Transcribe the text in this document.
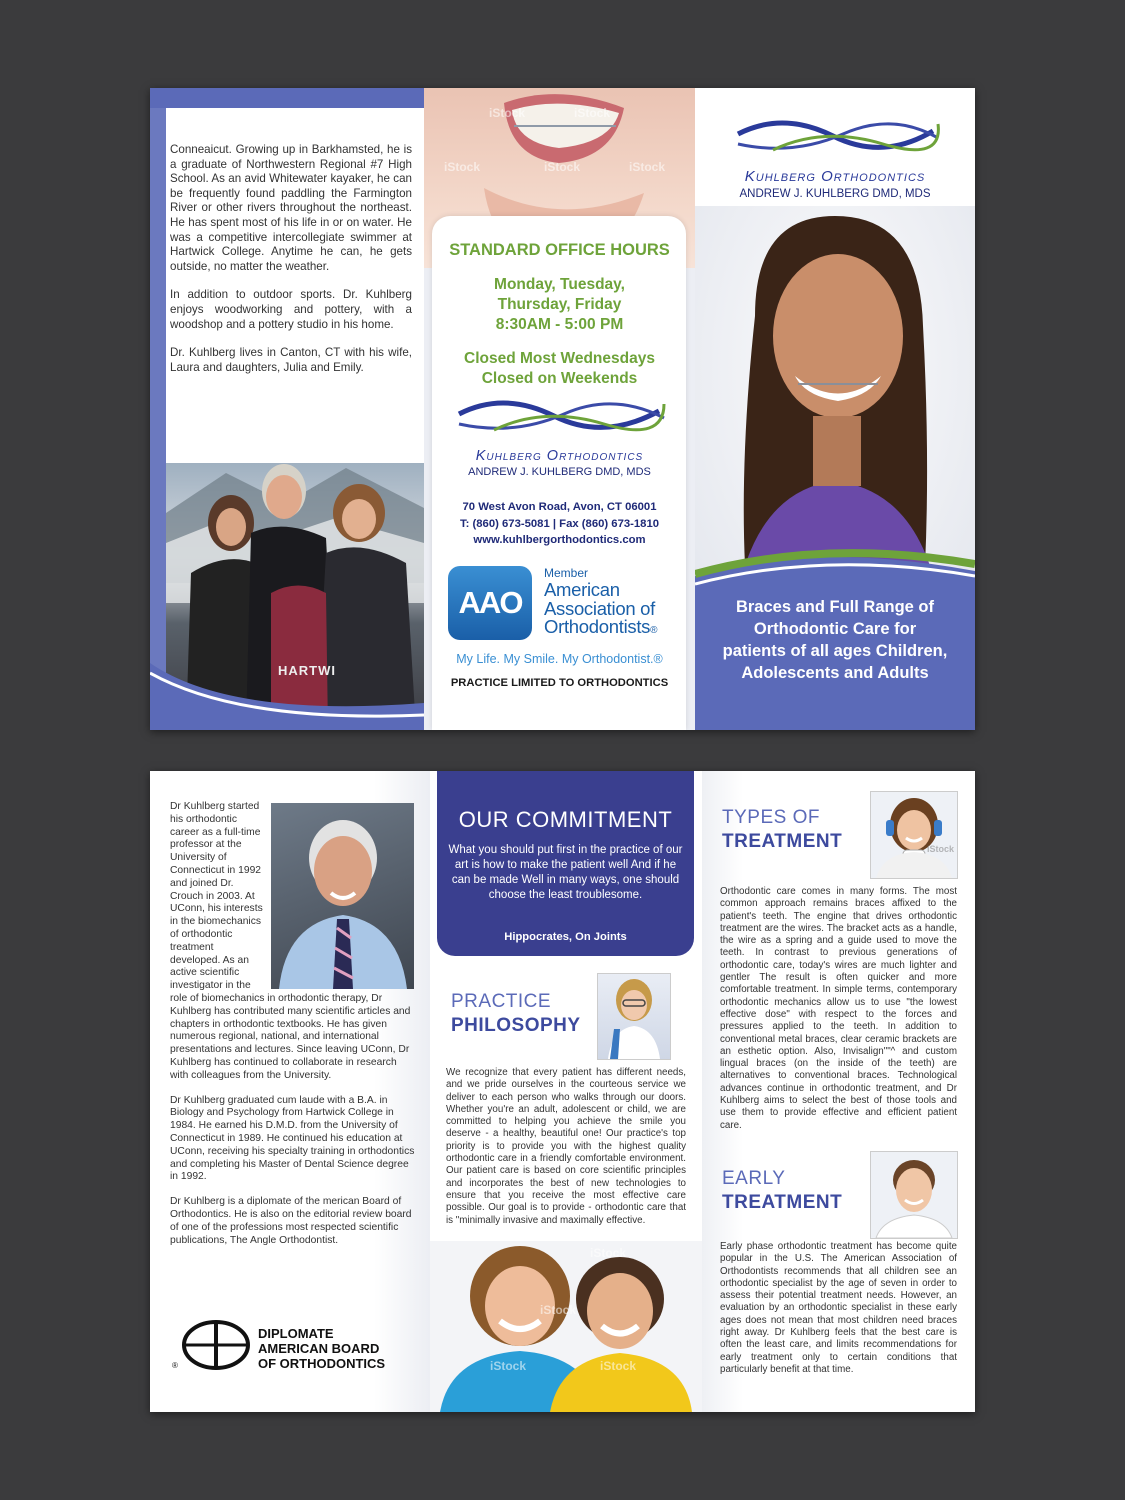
Conneaicut. Growing up in Barkhamsted, he is a graduate of Northwestern Regional #7 High School. As an avid Whitewater kayaker, he can be frequently found paddling the Farmington River or other rivers throughout the northeast. He has spent most of his life in or on water. He was a competitive intercollegiate swimmer at Hartwick College. Anytime he can, he gets outside, no matter the weather.

In addition to outdoor sports. Dr. Kuhlberg enjoys woodworking and pottery, with a woodshop and a pottery studio in his home.

Dr. Kuhlberg lives in Canton, CT with his wife, Laura and daughters, Julia and Emily.

HARTWI
iStock	iStock
iStock
iStock	iStock
STANDARD OFFICE HOURS
Monday, Tuesday,
Thursday, Friday
8:30AM - 5:00 PM
Closed Most Wednesdays
Closed on Weekends
Kuhlberg Orthodontics
ANDREW J. KUHLBERG DMD, MDS
70 West Avon Road, Avon, CT 06001
T: (860) 673-5081 | Fax (860) 673-1810
www.kuhlbergorthodontics.com
AAO
Member
American
Association of
Orthodontists®
My Life. My Smile. My Orthodontist.®
PRACTICE LIMITED TO ORTHODONTICS
Kuhlberg Orthodontics
ANDREW J. KUHLBERG DMD, MDS
Braces and Full Range of
Orthodontic Care for
patients of all ages Children,
Adolescents and Adults

Dr Kuhlberg started his orthodontic career as a full-time professor at the University of Connecticut in 1992 and joined Dr. Crouch in 2003. At UConn, his interests in the biomechanics of orthodontic treatment developed. As an active scientific investigator in the role of biomechanics in orthodontic therapy, Dr Kuhlberg has contributed many scientific articles and chapters in orthodontic textbooks. He has given numerous regional, national, and international presentations and lectures. Since leaving UConn, Dr Kuhlberg has continued to collaborate in research with colleagues from the University.

Dr Kuhlberg graduated cum laude with a B.A. in Biology and Psychology from Hartwick College in 1984. He earned his D.M.D. from the University of Connecticut in 1989. He continued his education at UConn, receiving his specialty training in orthodontics and completing his Master of Dental Science degree in 1992.

Dr Kuhlberg is a diplomate of the merican Board of Orthodontics. He is also on the editorial review board of one of the professions most respected scientific publications, The Angle Orthodontist.

®
DIPLOMATE
AMERICAN BOARD
OF ORTHODONTICS
OUR COMMITMENT
What you should put first in the practice of our art is how to make the patient well And if he can be made Well in many ways, one should choose the least troublesome.
Hippocrates, On Joints
PRACTICE
PHILOSOPHY
We recognize that every patient has different needs, and we pride ourselves in the courteous service we deliver to each person who walks through our doors. Whether you're an adult, adolescent or child, we are committed to helping you achieve the smile you deserve - a healthy, beautiful one! Our practice's top priority is to provide you with the highest quality orthodontic care in a friendly comfortable environment. Our patient care is based on core scientific principles and incorporates the best of new technologies to ensure that you receive the most effective care possible. Our goal is to provide - orthodontic care that is "minimally invasive and maximally effective.
iStock
iStock
iStock	iStock
TYPES OF
TREATMENT	iStock
Orthodontic care comes in many forms. The most common approach remains braces affixed to the patient's teeth. The engine that drives orthodontic treatment are the wires. The bracket acts as a handle, the wire as a spring and a guide used to move the teeth. In contrast to previous generations of orthodontic care, today's wires are much lighter and gentler The result is often quicker and more comfortable treatment. In simple terms, contemporary orthodontic mechanics allow us to use "the lowest effective dose" with respect to the forces and pressures applied to the teeth. In addition to conventional metal braces, clear ceramic brackets are an esthetic option. Also, Invisalign""^ and custom lingual braces (on the inside of the teeth) are alternatives to conventional braces. Technological advances continue in orthodontic treatment, and Dr Kuhlberg aims to select the best of those tools and use them to provide effective and efficient patient care.
EARLY
TREATMENT
Early phase orthodontic treatment has become quite popular in the U.S. The American Association of Orthodontists recommends that all children see an orthodontic specialist by the age of seven in order to assess their potential treatment needs. However, an evaluation by an orthodontic specialist in these early ages does not mean that most children need braces right away. Dr Kuhlberg feels that the best care is often the least care, and limits recommendations for early treatment only to certain conditions that particularly benefit at that time.
